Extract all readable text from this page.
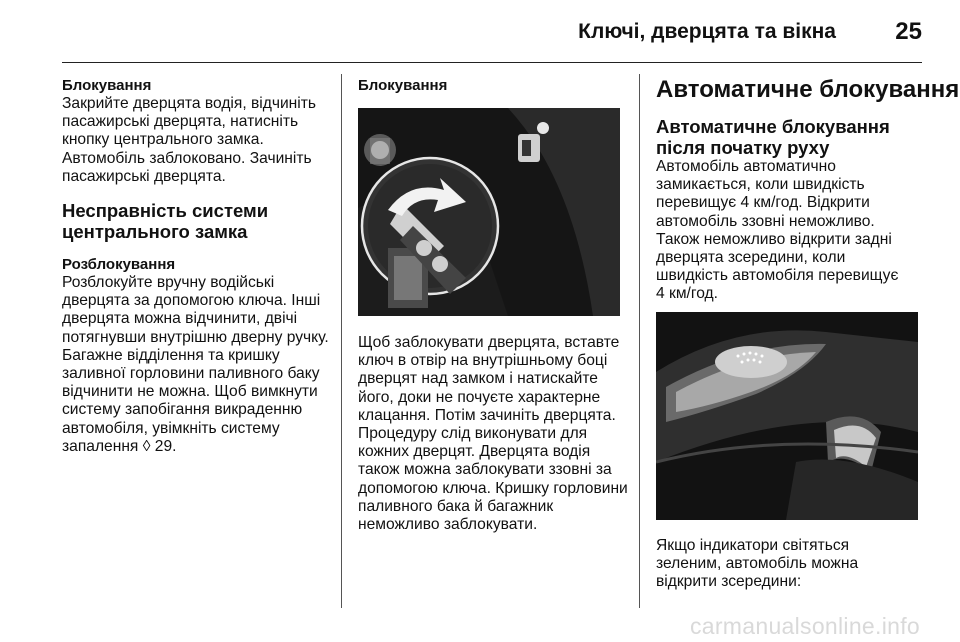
Ключі, дверцята та вікна 25
Блокування

Закрийте дверцята водія, відчиніть пасажирські дверцята, натисніть кнопку центрального замка. Автомобіль заблоковано. Зачиніть пасажирські дверцята.

Несправність системи центрального замка
Розблокування

Розблокуйте вручну водійські дверцята за допомогою ключа. Інші дверцята можна відчинити, двічі потягнувши внутрішню дверну ручку. Багажне відділення та кришку заливної горловини паливного баку відчинити не можна. Щоб вимкнути систему запобігання викраденню автомобіля, увімкніть систему запалення ◊ 29.

Блокування

Щоб заблокувати дверцята, вставте ключ в отвір на внутрішньому боці дверцят над замком і натискайте його, доки не почуєте характерне клацання. Потім зачиніть дверцята. Процедуру слід виконувати для кожних дверцят. Дверцята водія також можна заблокувати ззовні за допомогою ключа. Кришку горловини паливного бака й багажник неможливо заблокувати.

Автоматичне блокування
Автоматичне блокування після початку руху

Автомобіль автоматично замикається, коли швидкість перевищує 4 км/год. Відкрити автомобіль ззовні неможливо. Також неможливо відкрити задні дверцята зсередини, коли швидкість автомобіля перевищує 4 км/год.

Якщо індикатори світяться зеленим, автомобіль можна відкрити зсередини:

carmanualsonline.info
